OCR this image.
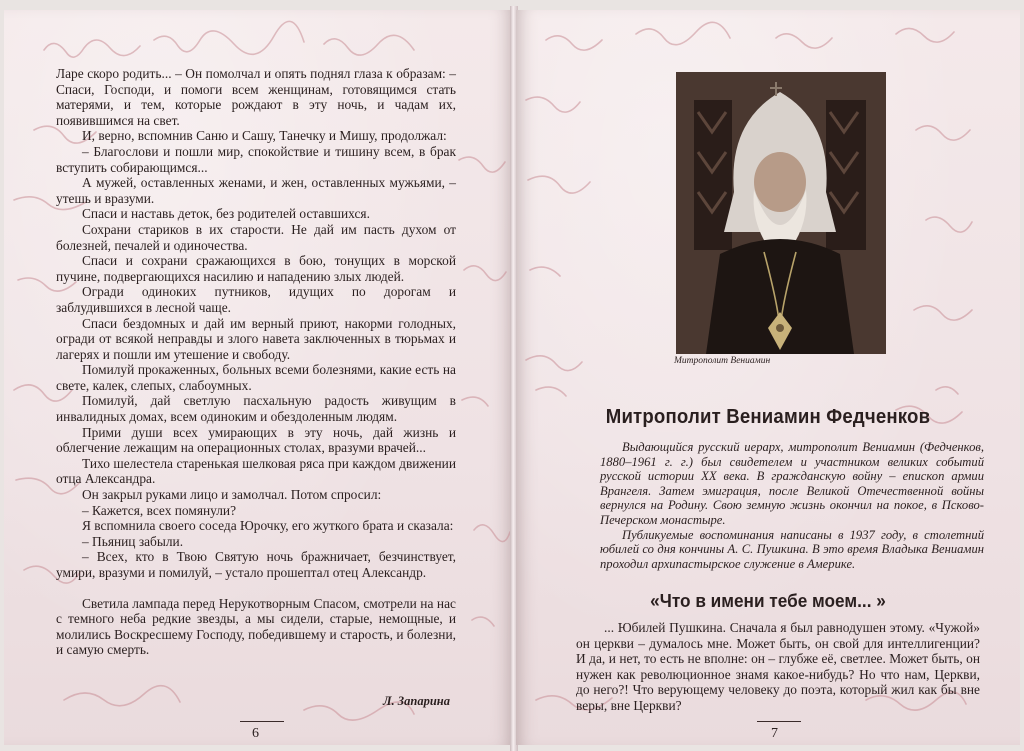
Ларе скоро родить... – Он помолчал и опять поднял глаза к образам: – Спаси, Господи, и помоги всем женщинам, готовящимся стать матерями, и тем, которые рождают в эту ночь, и чадам их, появившимся на свет.

И, верно, вспомнив Саню и Сашу, Танечку и Мишу, продолжал:

– Благослови и пошли мир, спокойствие и тишину всем, в брак вступить собирающимся...

А мужей, оставленных женами, и жен, оставленных мужьями, – утешь и вразуми.

Спаси и наставь деток, без родителей оставшихся.

Сохрани стариков в их старости. Не дай им пасть духом от болезней, печалей и одиночества.

Спаси и сохрани сражающихся в бою, тонущих в морской пучине, подвергающихся насилию и нападению злых людей.

Огради одиноких путников, идущих по дорогам и заблудившихся в лесной чаще.

Спаси бездомных и дай им верный приют, накорми голодных, огради от всякой неправды и злого навета заключенных в тюрьмах и лагерях и пошли им утешение и свободу.

Помилуй прокаженных, больных всеми болезнями, какие есть на свете, калек, слепых, слабоумных.

Помилуй, дай светлую пасхальную радость живущим в инвалидных домах, всем одиноким и обездоленным людям.

Прими души всех умирающих в эту ночь, дай жизнь и облегчение лежащим на операционных столах, вразуми врачей...

Тихо шелестела старенькая шелковая ряса при каждом движении отца Александра.

Он закрыл руками лицо и замолчал. Потом спросил:

– Кажется, всех помянули?

Я вспомнила своего соседа Юрочку, его жуткого брата и сказала:

– Пьяниц забыли.

– Всех, кто в Твою Святую ночь бражничает, безчинствует, умири, вразуми и помилуй, – устало прошептал отец Александр.

Светила лампада перед Нерукотворным Спасом, смотрели на нас с темного неба редкие звезды, а мы сидели, старые, немощные, и молились Воскресшему Господу, победившему и старость, и болезни, и самую смерть.

Л. Запарина
6
Митрополит Вениамин
Митрополит Вениамин Федченков

Выдающийся русский иерарх, митрополит Вениамин (Федченков, 1880–1961 г. г.) был свидетелем и участником великих событий русской истории XX века. В гражданскую войну – епископ армии Врангеля. Затем эмиграция, после Великой Отечественной войны вернулся на Родину. Свою земную жизнь окончил на покое, в Псково-Печерском монастыре.

Публикуемые воспоминания написаны в 1937 году, в столетний юбилей со дня кончины А. С. Пушкина. В это время Владыка Вениамин проходил архипастырское служение в Америке.

«Что в имени тебе моем... »

... Юбилей Пушкина. Сначала я был равнодушен этому. «Чужой» он церкви – думалось мне. Может быть, он свой для интеллигенции? И да, и нет, то есть не вполне: он – глубже её, светлее. Может быть, он нужен как революционное знамя какое-нибудь? Но что нам, Церкви, до него?! Что верующему человеку до поэта, который жил как бы вне веры, вне Церкви?

7
